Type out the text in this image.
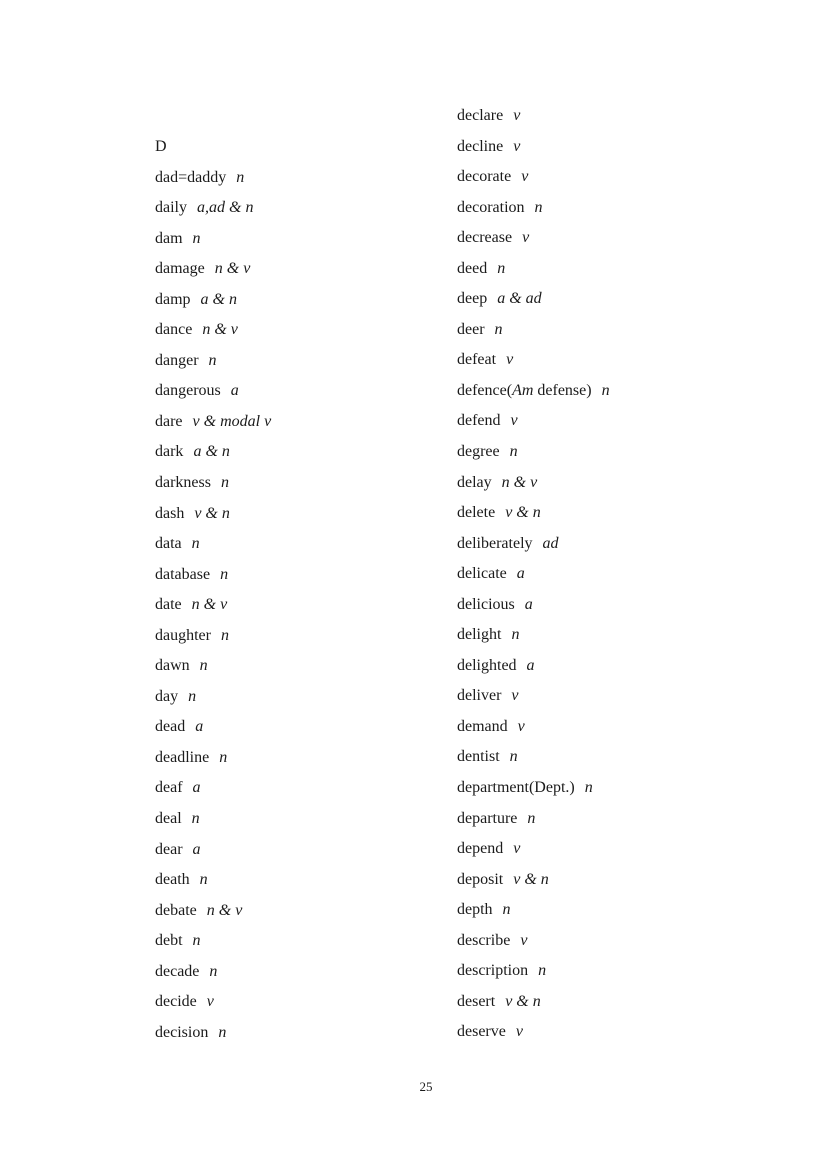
D
dad=daddy n
daily a,ad & n
dam n
damage n & v
damp a & n
dance n & v
danger n
dangerous a
dare v & modal v
dark a & n
darkness n
dash v & n
data n
database n
date n & v
daughter n
dawn n
day n
dead a
deadline n
deaf a
deal n
dear a
death n
debate n & v
debt n
decade n
decide v
decision n
declare v
decline v
decorate v
decoration n
decrease v
deed n
deep a & ad
deer n
defeat v
defence(Am defense) n
defend v
degree n
delay n & v
delete v & n
deliberately ad
delicate a
delicious a
delight n
delighted a
deliver v
demand v
dentist n
department(Dept.) n
departure n
depend v
deposit v & n
depth n
describe v
description n
desert v & n
deserve v
25
